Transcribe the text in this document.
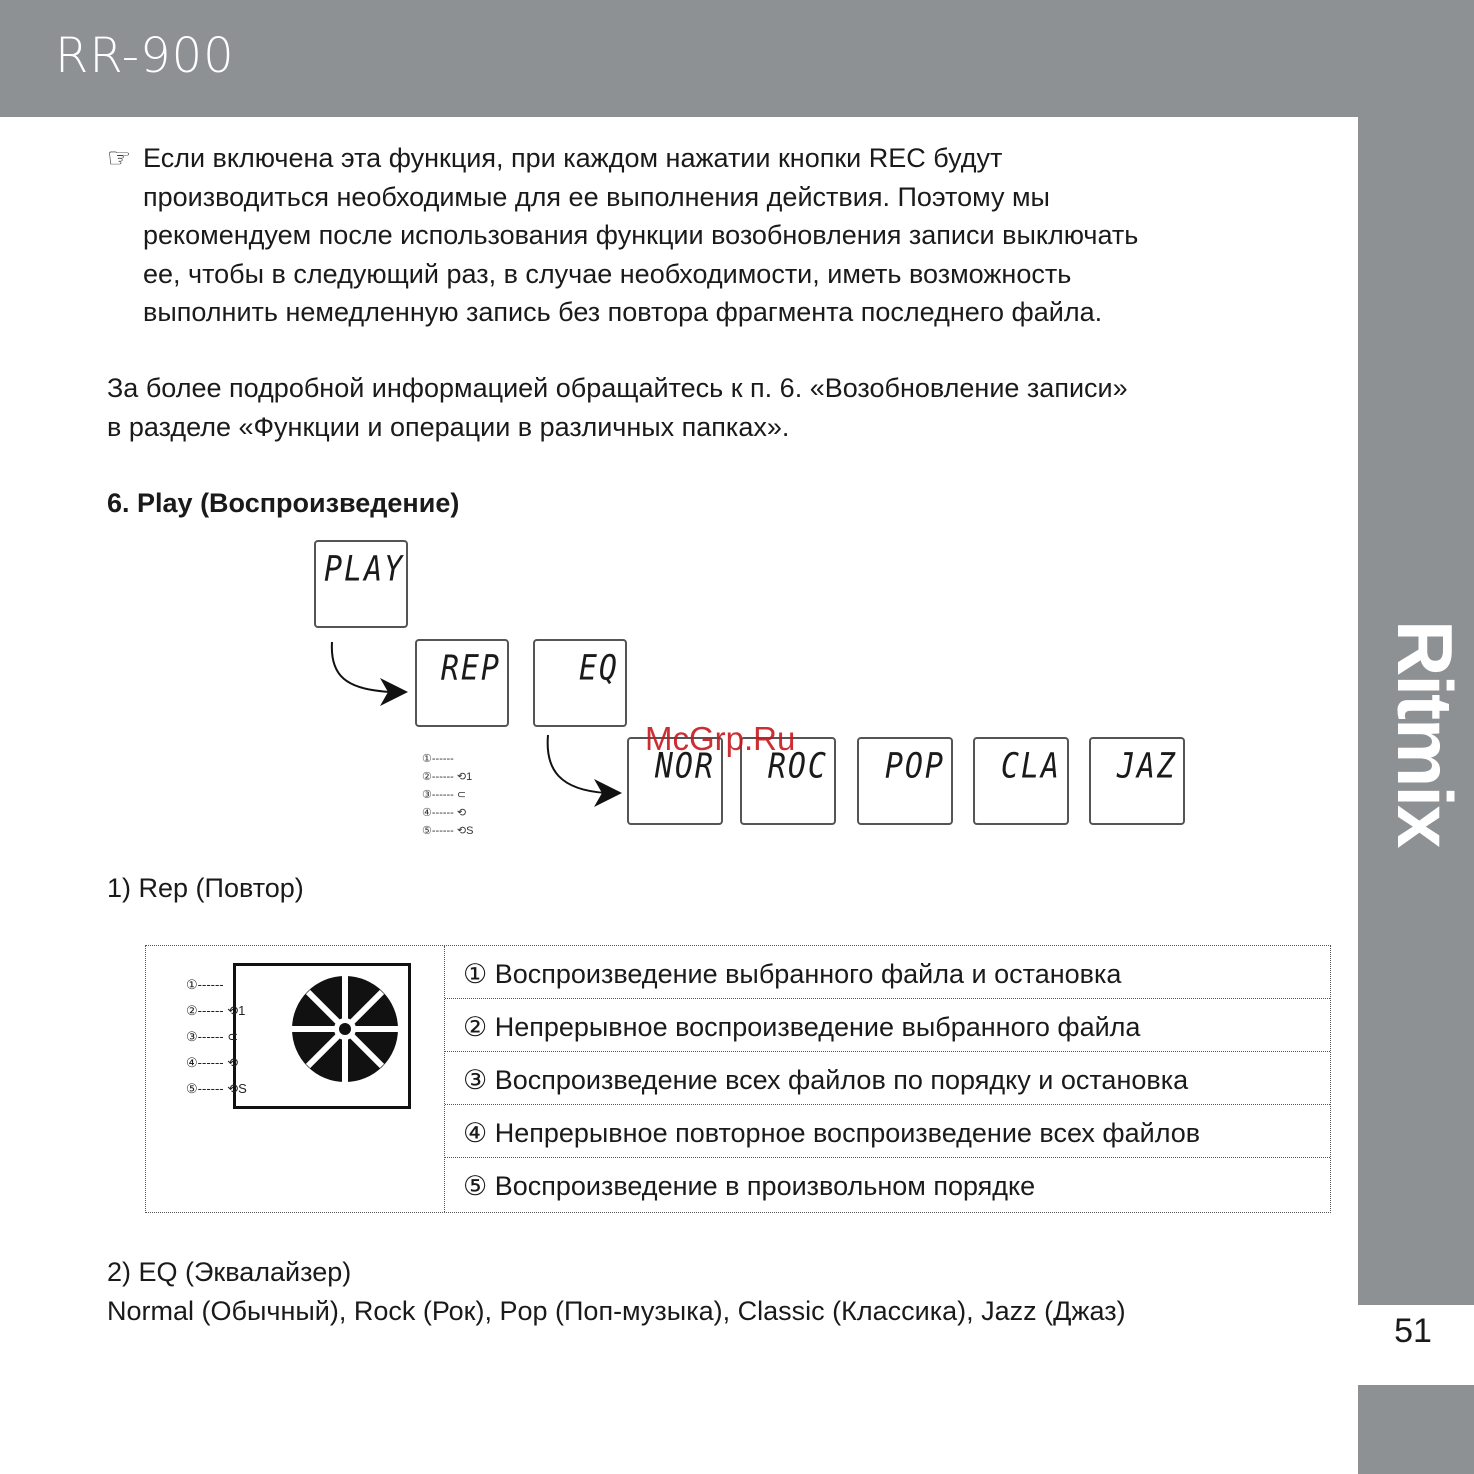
RR-900
Ritmix
51
☞ Если включена эта функция, при каждом нажатии кнопки REC будут
производиться необходимые для ее выполнения действия. Поэтому мы
рекомендуем после использования функции возобновления записи выключать
ее, чтобы в следующий раз, в случае необходимости, иметь возможность
выполнить немедленную запись без повтора фрагмента последнего файла.
За более подробной информацией обращайтесь к п. 6. «Возобновление записи»
в разделе «Функции и операции в различных папках».
6. Play (Воспроизведение)
PLAY
REP	EQ
NOR ROC POP CLA JAZ
①------
②------ ⟲1
③------ ⊂
④------ ⟲
⑤------ ⟲S
McGrp.Ru
1) Rep (Повтор)
① Воспроизведение выбранного файла и остановка
② Непрерывное воспроизведение выбранного файла
③ Воспроизведение всех файлов по порядку и остановка
④ Непрерывное повторное воспроизведение всех файлов
⑤ Воспроизведение в произвольном порядке
①------
②------ ⟲1
③------ ⊂
④------ ⟲
⑤------ ⟲S
2) EQ (Эквалайзер)
Normal (Обычный), Rock (Рок), Pop (Поп-музыка), Classic (Классика), Jazz (Джаз)
